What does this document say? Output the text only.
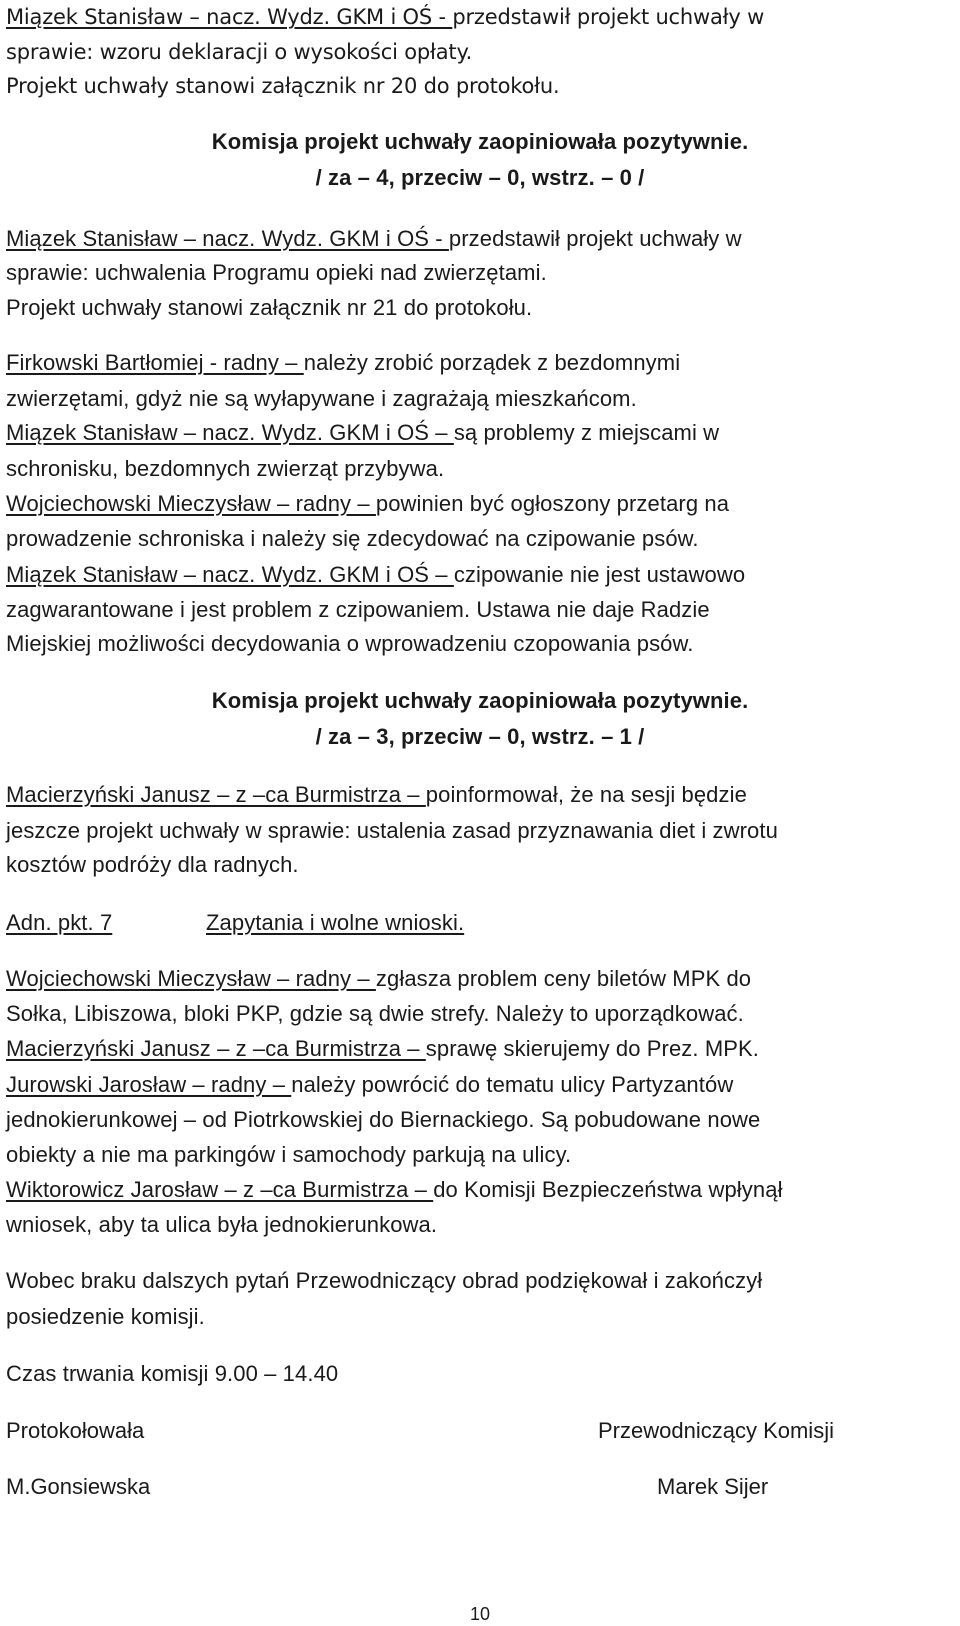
Miązek Stanisław – nacz. Wydz. GKM i OŚ - przedstawił projekt uchwały w
sprawie: wzoru deklaracji o wysokości opłaty.
Projekt uchwały stanowi załącznik nr 20 do protokołu.
Komisja projekt uchwały zaopiniowała pozytywnie.
/ za – 4, przeciw – 0, wstrz. – 0 /
Miązek Stanisław – nacz. Wydz. GKM i OŚ - przedstawił projekt uchwały w
sprawie: uchwalenia Programu opieki nad zwierzętami.
Projekt uchwały stanowi załącznik nr 21 do protokołu.
Firkowski Bartłomiej - radny – należy zrobić porządek z bezdomnymi
zwierzętami, gdyż nie są wyłapywane i zagrażają mieszkańcom.
Miązek Stanisław – nacz. Wydz. GKM i OŚ – są problemy z miejscami w
schronisku, bezdomnych zwierząt przybywa.
Wojciechowski Mieczysław – radny – powinien być ogłoszony przetarg na
prowadzenie schroniska i należy się zdecydować na czipowanie psów.
Miązek Stanisław – nacz. Wydz. GKM i OŚ – czipowanie nie jest ustawowo
zagwarantowane i jest problem z czipowaniem. Ustawa nie daje Radzie
Miejskiej możliwości decydowania o wprowadzeniu czopowania psów.
Komisja projekt uchwały zaopiniowała pozytywnie.
/ za – 3, przeciw – 0, wstrz. – 1 /
Macierzyński Janusz – z –ca Burmistrza – poinformował, że na sesji będzie
jeszcze projekt uchwały w sprawie: ustalenia zasad przyznawania diet i zwrotu
kosztów podróży dla radnych.
Adn. pkt. 7	Zapytania i wolne wnioski.
Wojciechowski Mieczysław – radny – zgłasza problem ceny biletów MPK do
Sołka, Libiszowa, bloki PKP, gdzie są dwie strefy. Należy to uporządkować.
Macierzyński Janusz – z –ca Burmistrza – sprawę skierujemy do Prez. MPK.
Jurowski Jarosław – radny – należy powrócić do tematu ulicy Partyzantów
jednokierunkowej – od Piotrkowskiej do Biernackiego. Są pobudowane nowe
obiekty a nie ma parkingów i samochody parkują na ulicy.
Wiktorowicz Jarosław – z –ca Burmistrza – do Komisji Bezpieczeństwa wpłynął
wniosek, aby ta ulica była jednokierunkowa.
Wobec braku dalszych pytań Przewodniczący obrad podziękował i zakończył
posiedzenie komisji.
Czas trwania komisji 9.00 – 14.40
Protokołowała	Przewodniczący Komisji
M.Gonsiewska	Marek Sijer
10
